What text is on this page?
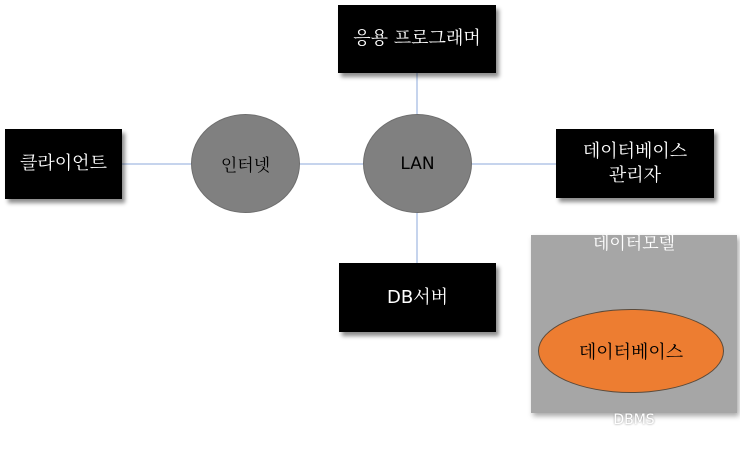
응용 프로그래머
클라이언트	인터넷	LAN
데이터베이스
관리자
DB서버
데이터모델
데이터베이스
DBMS
